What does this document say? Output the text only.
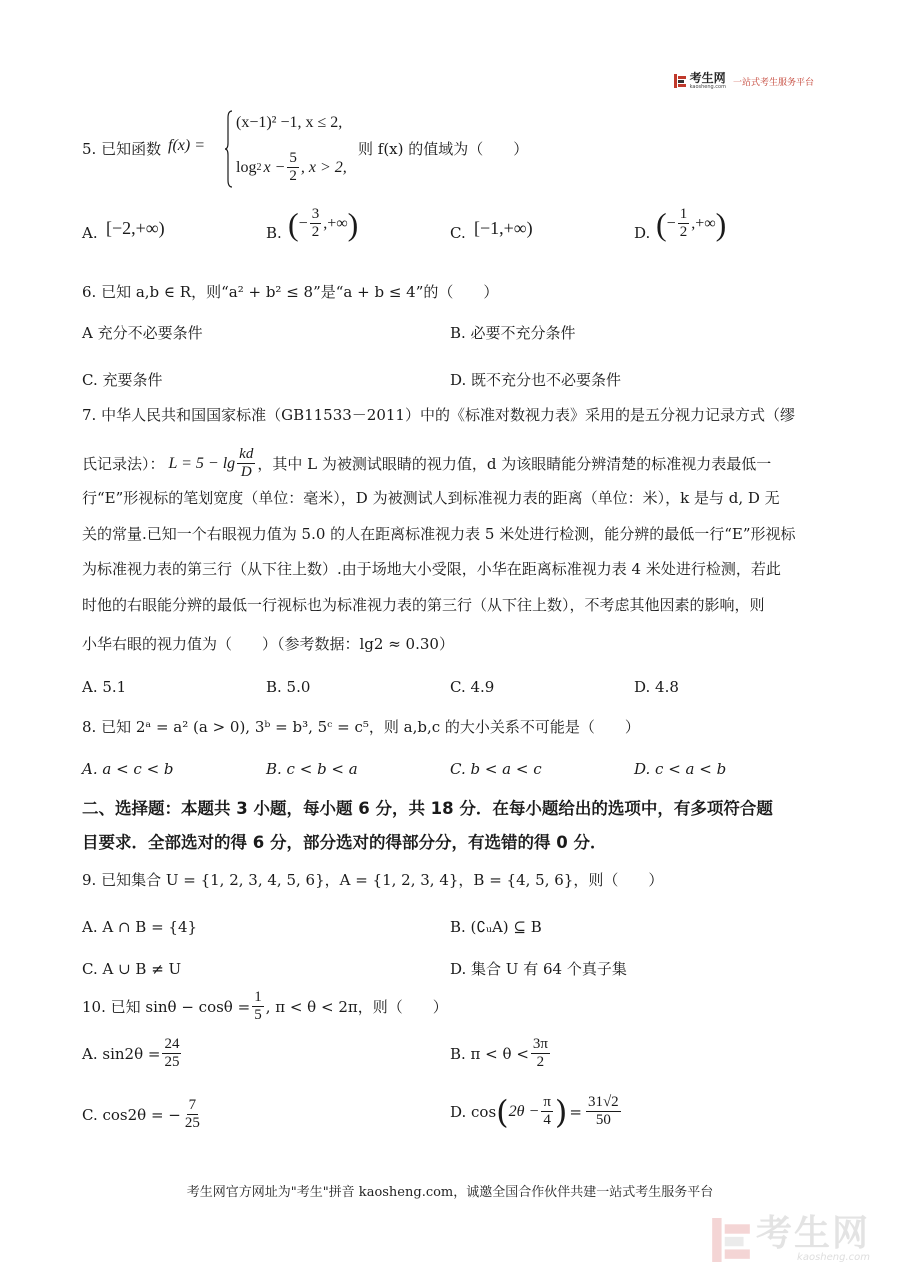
考生网
kaosheng.com 一站式考生服务平台
5. 已知函数 f(x) =
(x−1)² −1, x ≤ 2,
log 2 $x - \frac{5}{2}$ , x > 2,
则 f(x) 的值域为（　　）
A. [−2,+∞)	B. ( − $\frac{3}{2}$ ,+∞ )	C. [−1,+∞)	D. ( − $\frac{1}{2}$ ,+∞ )
6. 已知 a,b ∈ R，则“a² + b² ≤ 8”是“a + b ≤ 4”的（　　）
A 充分不必要条件	B. 必要不充分条件
C. 充要条件	D. 既不充分也不必要条件
7. 中华人民共和国国家标准（GB11533－2011）中的《标准对数视力表》采用的是五分视力记录方式（缪
氏记录法）： $L = 5 - \lg \frac{kd}{D}$ ，其中 L 为被测试眼睛的视力值，d 为该眼睛能分辨清楚的标准视力表最低一
行“E”形视标的笔划宽度（单位：毫米），D 为被测试人到标准视力表的距离（单位：米），k 是与 d, D 无
关的常量.已知一个右眼视力值为 5.0 的人在距离标准视力表 5 米处进行检测，能分辨的最低一行“E”形视标
为标准视力表的第三行（从下往上数）.由于场地大小受限，小华在距离标准视力表 4 米处进行检测，若此
时他的右眼能分辨的最低一行视标也为标准视力表的第三行（从下往上数），不考虑其他因素的影响，则
小华右眼的视力值为（　　）（参考数据：lg2 ≈ 0.30）
A. 5.1	B. 5.0	C. 4.9	D. 4.8
8. 已知 2ᵃ = a² (a > 0), 3ᵇ = b³, 5ᶜ = c⁵，则 a,b,c 的大小关系不可能是（　　）
A. a < c < b	B. c < b < a	C. b < a < c	D. c < a < b
二、选择题：本题共 3 小题，每小题 6 分，共 18 分．在每小题给出的选项中，有多项符合题
目要求．全部选对的得 6 分，部分选对的得部分分，有选错的得 0 分．
9. 已知集合 U = {1, 2, 3, 4, 5, 6}，A = {1, 2, 3, 4}，B = {4, 5, 6}，则（　　）
A. A ∩ B = {4}	B. (∁ᵤA) ⊆ B
C. A ∪ B ≠ U	D. 集合 U 有 64 个真子集
10. 已知 $\sin\theta - \cos\theta = \frac{1}{5}$ , π < θ < 2π，则（　　）
A. $\sin 2\theta = \frac{24}{25}$	B. $\pi < \theta < \frac{3\pi}{2}$
C. cos2θ = − $\frac{7}{25}$	D. cos ( $2\theta - \frac{\pi}{4}$ ) = $\frac{31√2}{50}$
考生网官方网址为"考生"拼音 kaosheng.com，诚邀全国合作伙伴共建一站式考生服务平台
考生网
kaosheng.com
